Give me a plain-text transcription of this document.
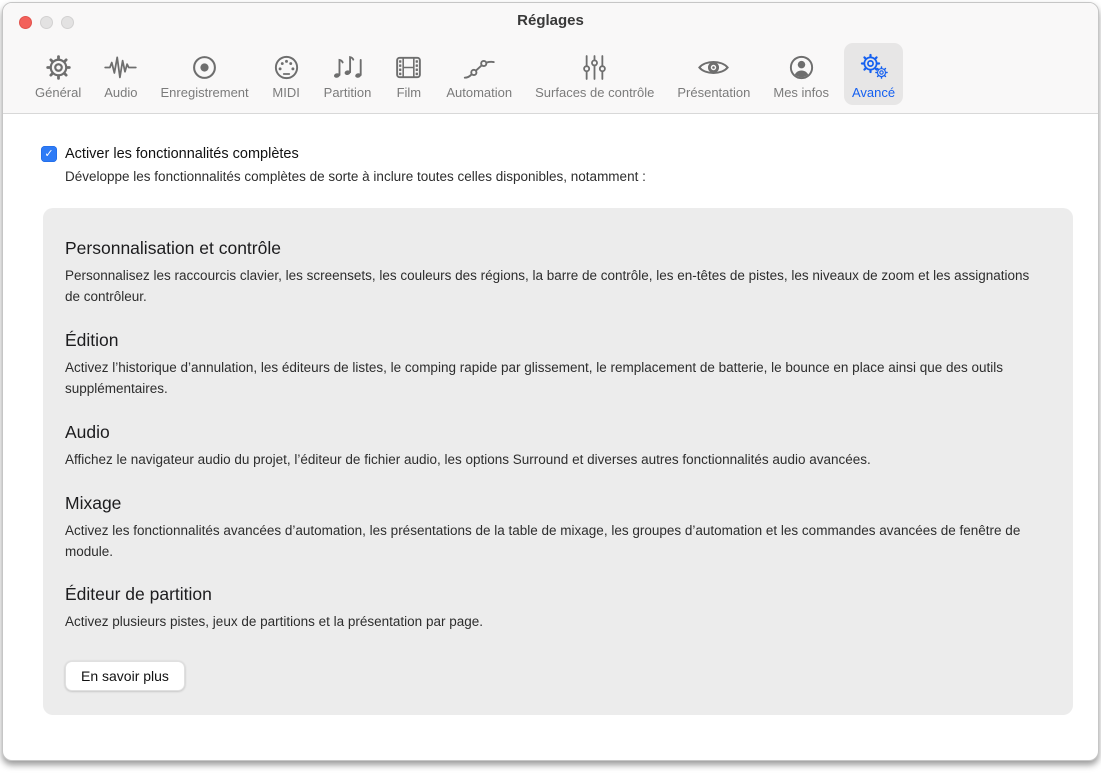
Réglages
Général Audio Enregistrement MIDI Partition Film Automation Surfaces de contrôle Présentation Mes infos Avancé
✓
Activer les fonctionnalités complètes
Développe les fonctionnalités complètes de sorte à inclure toutes celles disponibles, notamment :
Personnalisation et contrôle
Personnalisez les raccourcis clavier, les screensets, les couleurs des régions, la barre de contrôle, les en-têtes de pistes, les niveaux de zoom et les assignations de contrôleur.
Édition
Activez l’historique d’annulation, les éditeurs de listes, le comping rapide par glissement, le remplacement de batterie, le bounce en place ainsi que des outils supplémentaires.
Audio
Affichez le navigateur audio du projet, l’éditeur de fichier audio, les options Surround et diverses autres fonctionnalités audio avancées.
Mixage
Activez les fonctionnalités avancées d’automation, les présentations de la table de mixage, les groupes d’automation et les commandes avancées de fenêtre de module.
Éditeur de partition
Activez plusieurs pistes, jeux de partitions et la présentation par page.
En savoir plus
